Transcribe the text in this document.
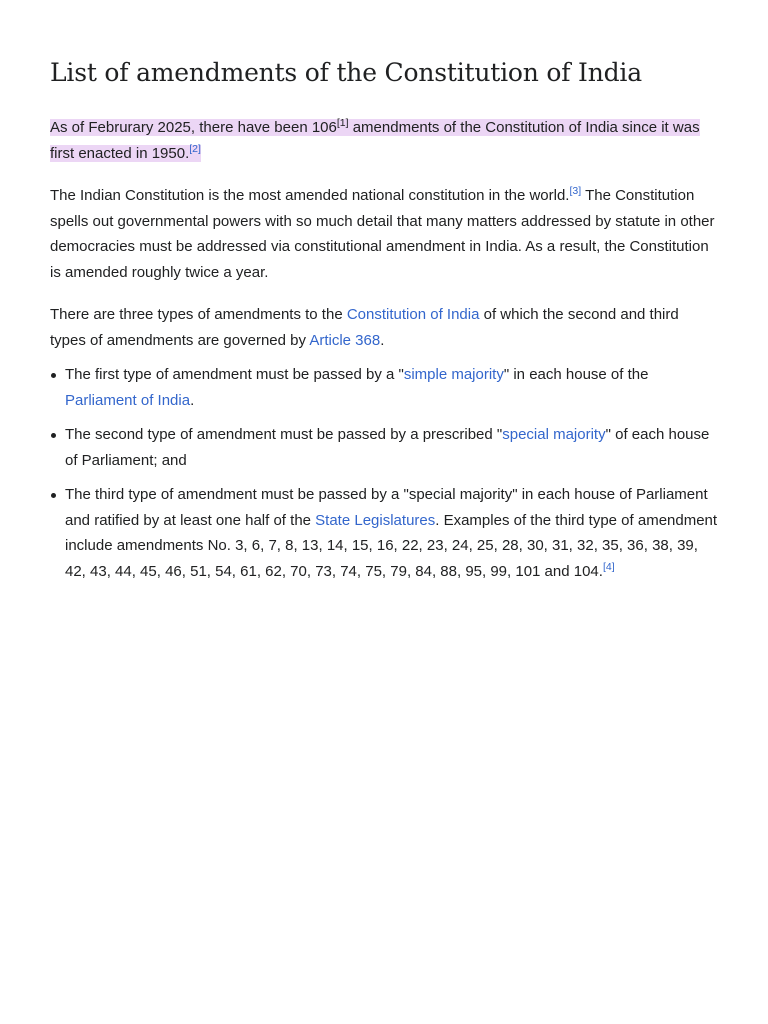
List of amendments of the Constitution of India

As of Februrary 2025, there have been 106[1] amendments of the Constitution of India since it was first enacted in 1950.[2]

The Indian Constitution is the most amended national constitution in the world.[3] The Constitution spells out governmental powers with so much detail that many matters addressed by statute in other democracies must be addressed via constitutional amendment in India. As a result, the Constitution is amended roughly twice a year.

There are three types of amendments to the Constitution of India of which the second and third types of amendments are governed by Article 368.

The first type of amendment must be passed by a "simple majority" in each house of the Parliament of India.
The second type of amendment must be passed by a prescribed "special majority" of each house of Parliament; and
The third type of amendment must be passed by a "special majority" in each house of Parliament and ratified by at least one half of the State Legislatures. Examples of the third type of amendment include amendments No. 3, 6, 7, 8, 13, 14, 15, 16, 22, 23, 24, 25, 28, 30, 31, 32, 35, 36, 38, 39, 42, 43, 44, 45, 46, 51, 54, 61, 62, 70, 73, 74, 75, 79, 84, 88, 95, 99, 101 and 104.[4]
